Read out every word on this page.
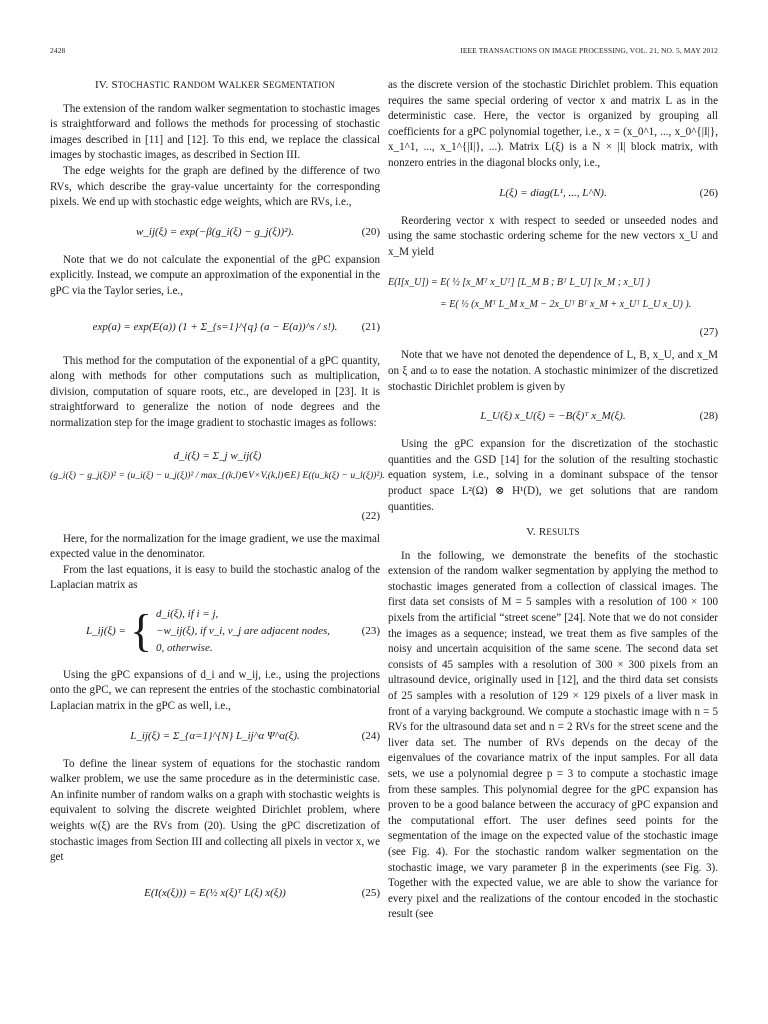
2428	IEEE TRANSACTIONS ON IMAGE PROCESSING, VOL. 21, NO. 5, MAY 2012
IV. STOCHASTIC RANDOM WALKER SEGMENTATION

The extension of the random walker segmentation to stochastic images is straightforward and follows the methods for processing of stochastic images described in [11] and [12]. To this end, we replace the classical images by stochastic images, as described in Section III.

The edge weights for the graph are defined by the difference of two RVs, which describe the gray-value uncertainty for the corresponding pixels. We end up with stochastic edge weights, which are RVs, i.e.,

w_ij(ξ) = exp(−β(g_i(ξ) − g_j(ξ))²).	(20)

Note that we do not calculate the exponential of the gPC expansion explicitly. Instead, we compute an approximation of the exponential in the gPC via the Taylor series, i.e.,

exp(a) = exp(E(a)) (1 + Σ_{s=1}^{q} (a − E(a))^s / s!). (21)

This method for the computation of the exponential of a gPC quantity, along with methods for other computations such as multiplication, division, computation of square roots, etc., are developed in [23]. It is straightforward to generalize the notion of node degrees and the normalization step for the image gradient to stochastic images as follows:

d_i(ξ) = Σ_j w_ij(ξ)
(g_i(ξ) − g_j(ξ))² = (u_i(ξ) − u_j(ξ))² / max_{(k,l)∈V×V,(k,l)∈E} E((u_k(ξ) − u_l(ξ))²).
(22)

Here, for the normalization for the image gradient, we use the maximal expected value in the denominator.

From the last equations, it is easy to build the stochastic analog of the Laplacian matrix as

L_ij(ξ) = { d_i(ξ), if i = j,
−w_ij(ξ), if v_i, v_j are adjacent nodes,
0, otherwise.
(23)

Using the gPC expansions of d_i and w_ij, i.e., using the projections onto the gPC, we can represent the entries of the stochastic combinatorial Laplacian matrix in the gPC as well, i.e.,

L_ij(ξ) = Σ_{α=1}^{N} L_ij^α Ψ^α(ξ).	(24)

To define the linear system of equations for the stochastic random walker problem, we use the same procedure as in the deterministic case. An infinite number of random walks on a graph with stochastic weights is equivalent to solving the discrete weighted Dirichlet problem, where weights w(ξ) are the RVs from (20). Using the gPC discretization of stochastic images from Section III and collecting all pixels in vector x, we get

E(I(x(ξ))) = E(½ x(ξ)ᵀ L(ξ) x(ξ))	(25)

as the discrete version of the stochastic Dirichlet problem. This equation requires the same special ordering of vector x and matrix L as in the deterministic case. Here, the vector is organized by grouping all coefficients for a gPC polynomial together, i.e., x = (x_0^1, ..., x_0^{|I|}, x_1^1, ..., x_1^{|I|}, ...). Matrix L(ξ) is a N × |I| block matrix, with nonzero entries in the diagonal blocks only, i.e.,

L(ξ) = diag(L¹, ..., L^N).	(26)

Reordering vector x with respect to seeded or unseeded nodes and using the same stochastic ordering scheme for the new vectors x_U and x_M yield

E(I[x_U]) = E( ½ [x_Mᵀ x_Uᵀ] [L_M B ; Bᵀ L_U] [x_M ; x_U] )
= E( ½ (x_Mᵀ L_M x_M − 2x_Uᵀ Bᵀ x_M + x_Uᵀ L_U x_U) ).
(27)

Note that we have not denoted the dependence of L, B, x_U, and x_M on ξ and ω to ease the notation. A stochastic minimizer of the discretized stochastic Dirichlet problem is given by

L_U(ξ) x_U(ξ) = −B(ξ)ᵀ x_M(ξ).	(28)

Using the gPC expansion for the discretization of the stochastic quantities and the GSD [14] for the solution of the resulting stochastic equation system, i.e., solving in a dominant subspace of the tensor product space L²(Ω) ⊗ H¹(D), we get solutions that are random quantities.

V. RESULTS

In the following, we demonstrate the benefits of the stochastic extension of the random walker segmentation by applying the method to stochastic images generated from a collection of classical images. The first data set consists of M = 5 samples with a resolution of 100 × 100 pixels from the artificial “street scene” [24]. Note that we do not consider the images as a sequence; instead, we treat them as five samples of the noisy and uncertain acquisition of the same scene. The second data set consists of 45 samples with a resolution of 300 × 300 pixels from an ultrasound device, originally used in [12], and the third data set consists of 25 samples with a resolution of 129 × 129 pixels of a liver mask in front of a varying background. We compute a stochastic image with n = 5 RVs for the ultrasound data set and n = 2 RVs for the street scene and the liver data set. The number of RVs depends on the decay of the eigenvalues of the covariance matrix of the input samples. For all data sets, we use a polynomial degree p = 3 to compute a stochastic image from these samples. This polynomial degree for the gPC expansion has proven to be a good balance between the accuracy of gPC expansion and the computational effort. The user defines seed points for the segmentation of the image on the expected value of the stochastic image (see Fig. 4). For the stochastic random walker segmentation on the stochastic image, we vary parameter β in the experiments (see Fig. 3). Together with the expected value, we are able to show the variance for every pixel and the realizations of the contour encoded in the stochastic result (see
